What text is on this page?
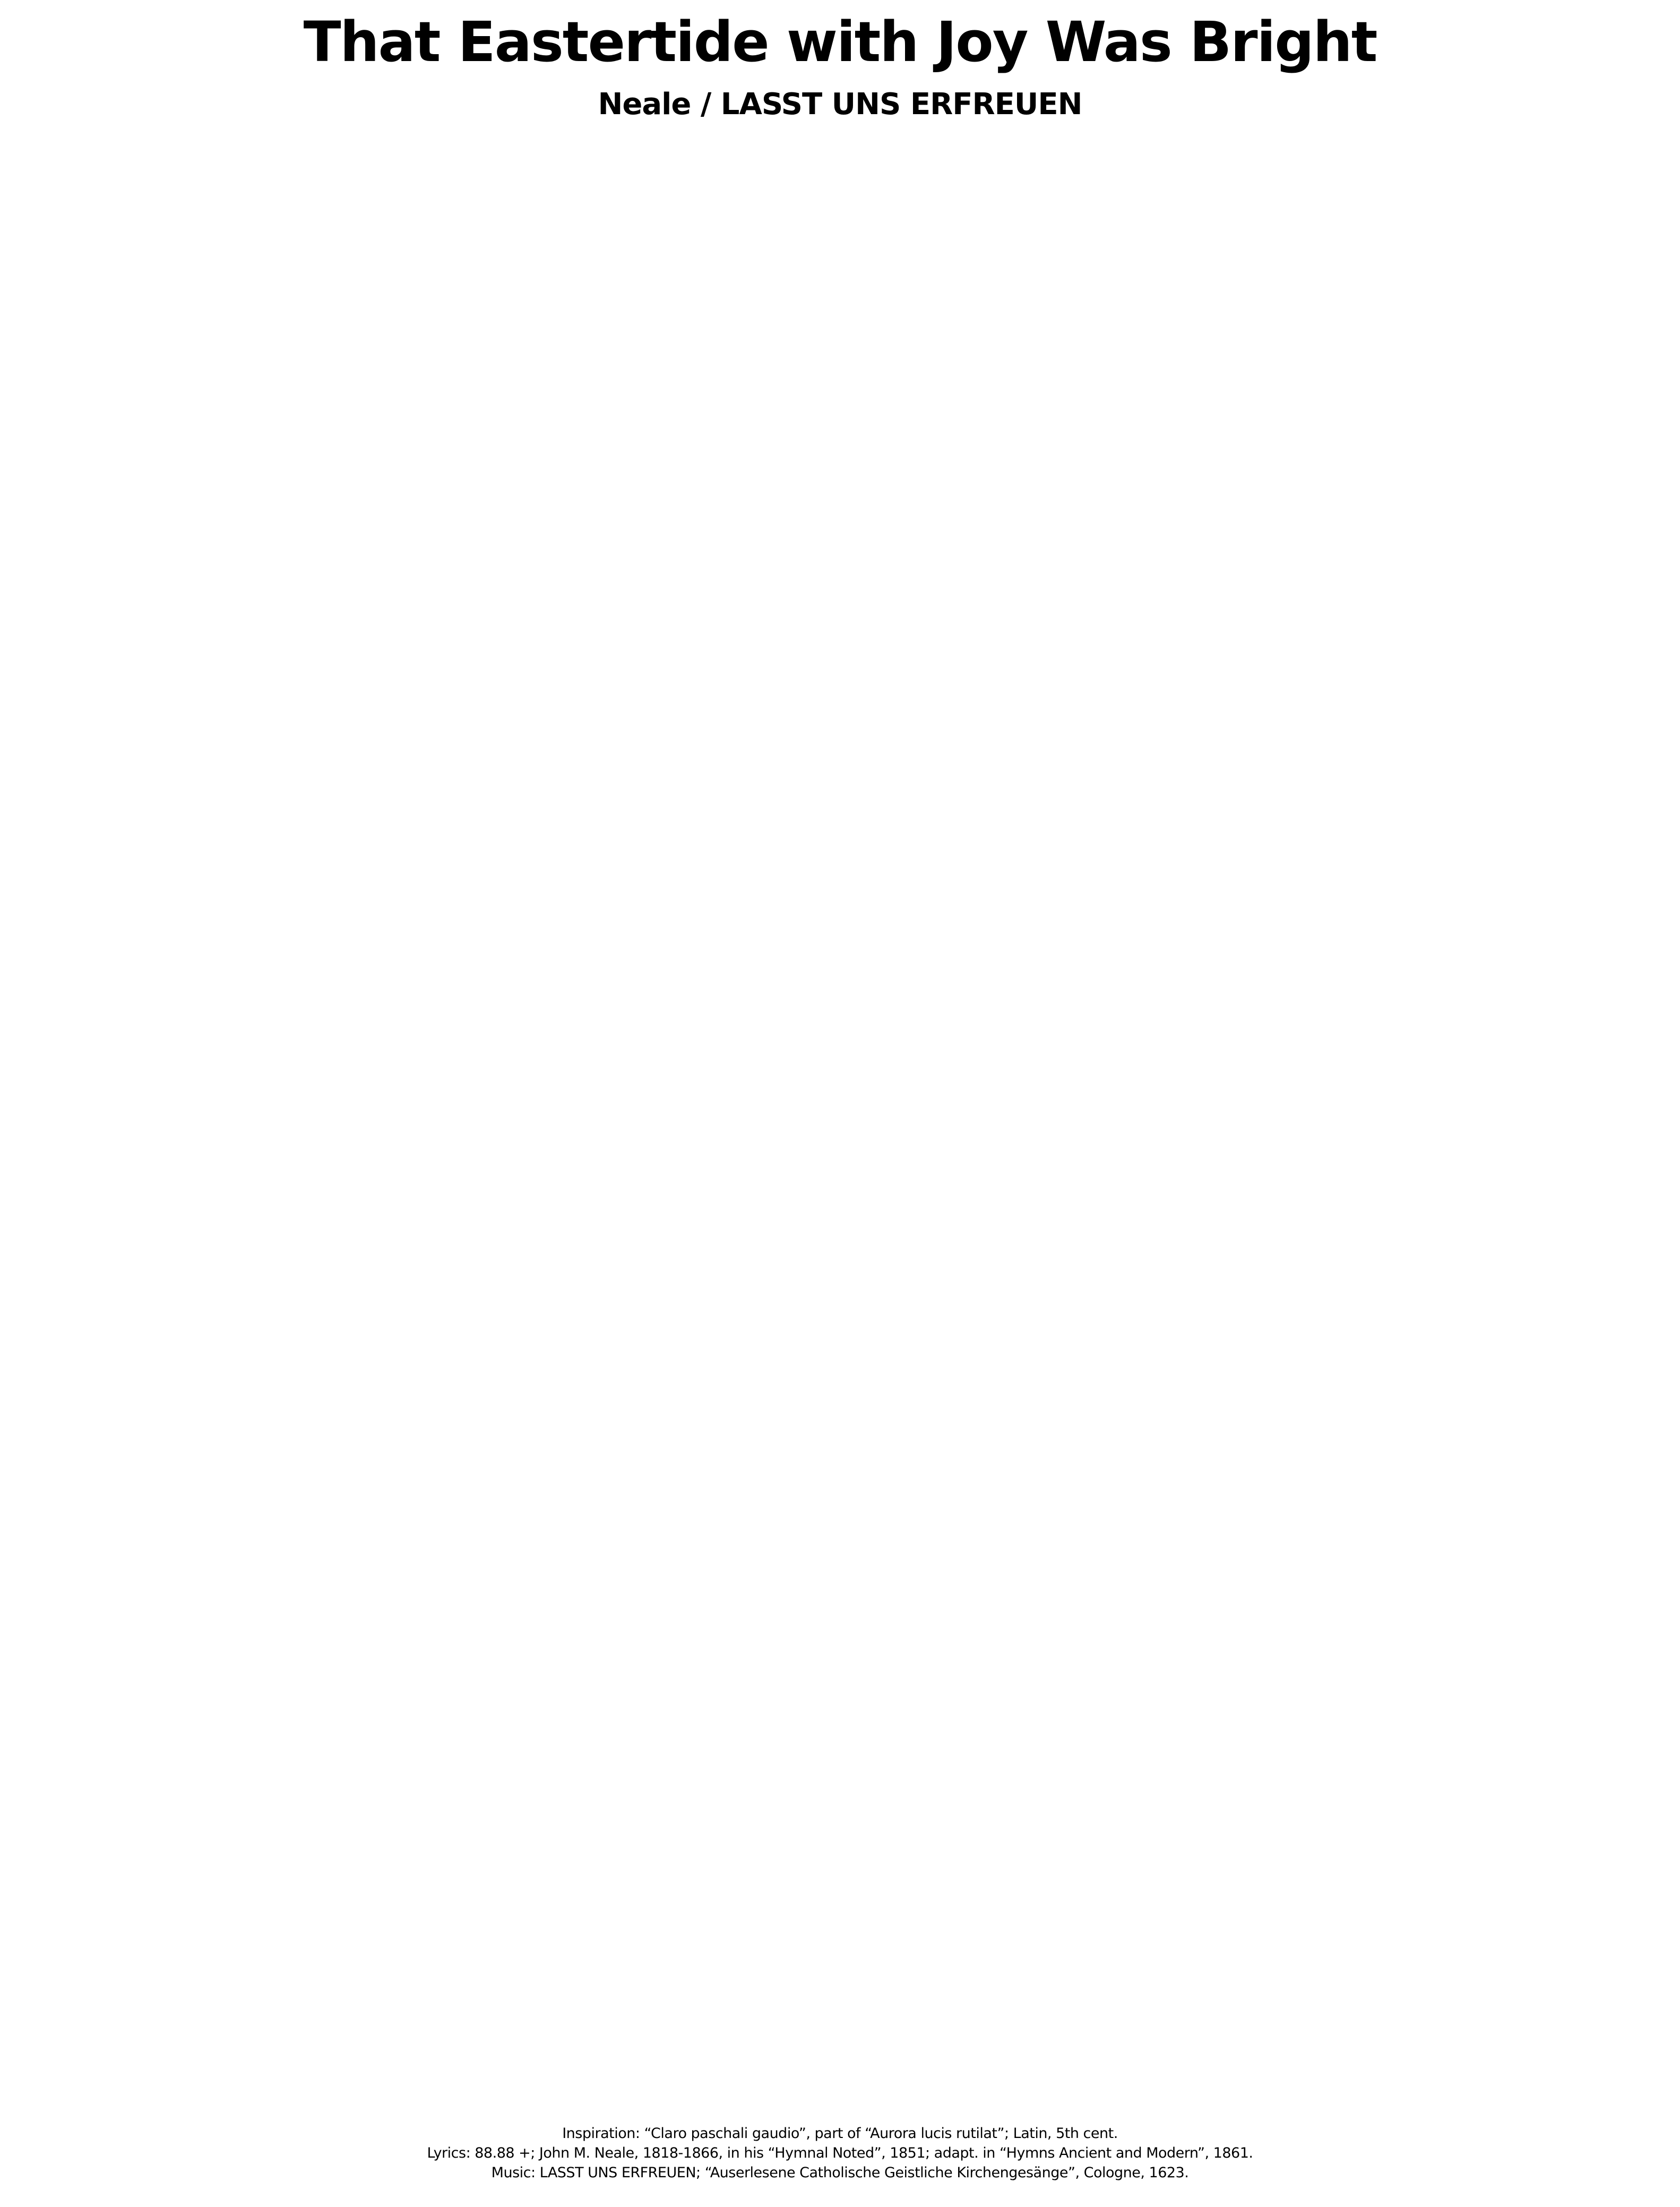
That Eastertide with Joy Was Bright
Neale / LASST UNS ERFREUEN
Inspiration: “Claro paschali gaudio”, part of “Aurora lucis rutilat”; Latin, 5th cent.
Lyrics: 88.88 +; John M. Neale, 1818-1866, in his “Hymnal Noted”, 1851; adapt. in “Hymns Ancient and Modern”, 1861.
Music: LASST UNS ERFREUEN; “Auserlesene Catholische Geistliche Kirchengesänge”, Cologne, 1623.
